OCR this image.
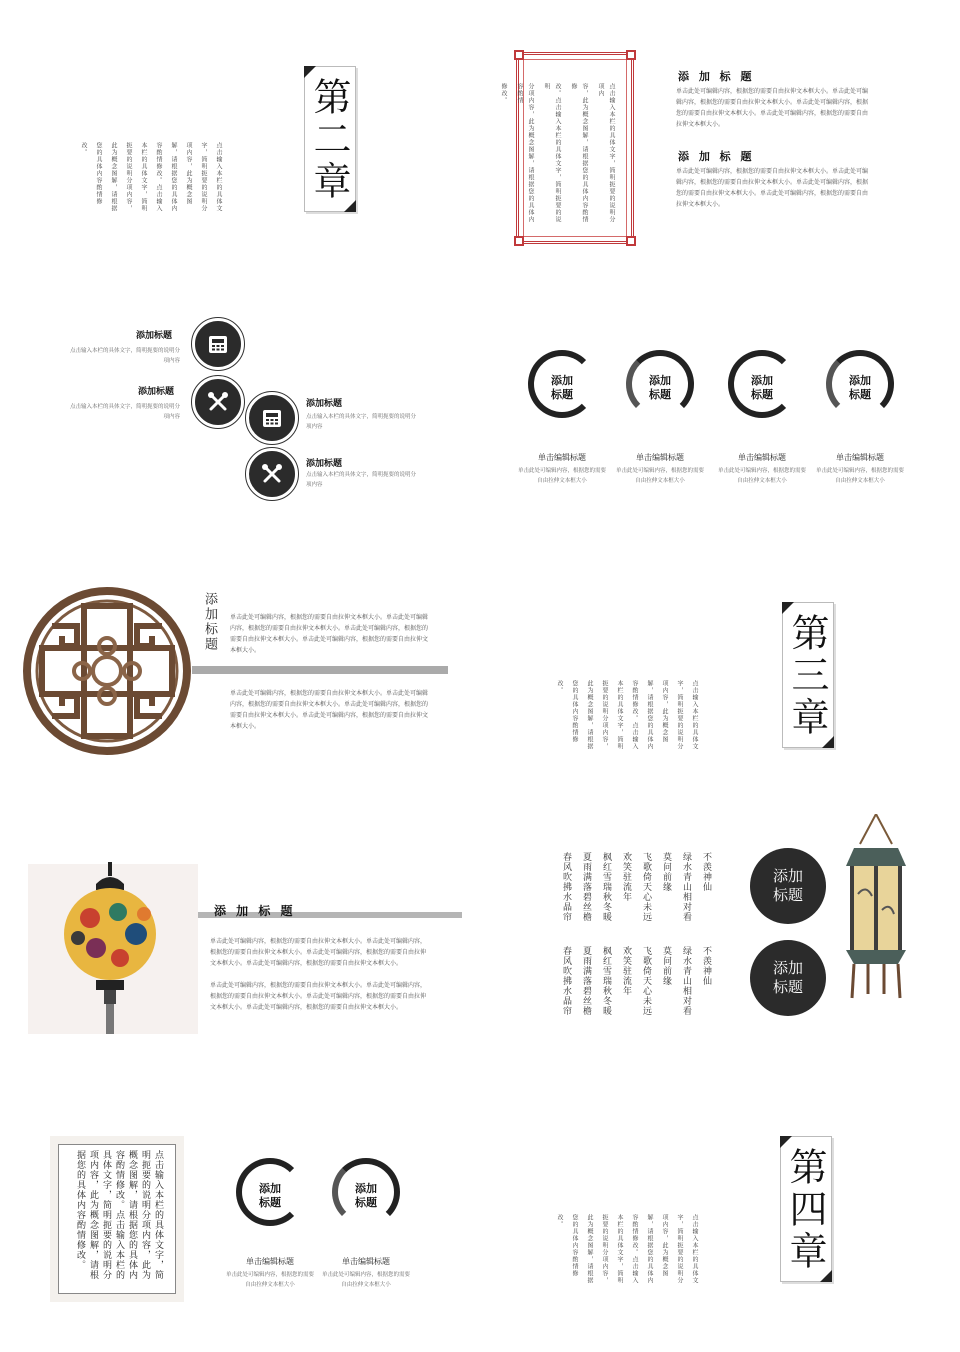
第二章
点击输入本栏的具体文
字，简明扼要的说明分
项内容，此为概念图
解，请根据您的具体内
容酌情修改。点击输入
本栏的具体文字，简明
扼要的说明分项内容，
此为概念图解，请根据
您的具体内容酌情修
改。	点击输入本栏的具体文字，简明扼要的说明分项内
容，此为概念图解，请根据您的具体内容酌情修
改。点击输入本栏的具体文字，简明扼要的说明
分项内容，此为概念图解，请根据您的具体内容酌情
修改。
添 加 标 题
单击此处可编辑内容，根据您的需要自由拉伸文本框大小。单击此处可编辑内容，根据您的需要自由拉伸文本框大小。单击此处可编辑内容，根据您的需要自由拉伸文本框大小。单击此处可编辑内容，根据您的需要自由拉伸文本框大小。
添 加 标 题
单击此处可编辑内容，根据您的需要自由拉伸文本框大小。单击此处可编辑内容，根据您的需要自由拉伸文本框大小。单击此处可编辑内容，根据您的需要自由拉伸文本框大小。单击此处可编辑内容，根据您的需要自由拉伸文本框大小。
添加标题
点击输入本栏的具体文字，简明扼要的说明分项内容
添加标题
点击输入本栏的具体文字，简明扼要的说明分项内容
添加标题
点击输入本栏的具体文字，简明扼要的说明分项内容
添加标题
点击输入本栏的具体文字，简明扼要的说明分项内容
添加
标题
单击编辑标题
单击此处可编辑内容，根据您的需要自由拉伸文本框大小
添加
标题
单击编辑标题
单击此处可编辑内容，根据您的需要自由拉伸文本框大小
添加
标题
单击编辑标题
单击此处可编辑内容，根据您的需要自由拉伸文本框大小
添加
标题
单击编辑标题
单击此处可编辑内容，根据您的需要自由拉伸文本框大小
添加标题 单击此处可编辑内容，根据您的需要自由拉伸文本框大小。单击此处可编辑内容，根据您的需要自由拉伸文本框大小。单击此处可编辑内容，根据您的需要自由拉伸文本框大小。单击此处可编辑内容，根据您的需要自由拉伸文本框大小。
单击此处可编辑内容，根据您的需要自由拉伸文本框大小。单击此处可编辑内容，根据您的需要自由拉伸文本框大小。单击此处可编辑内容，根据您的需要自由拉伸文本框大小。单击此处可编辑内容，根据您的需要自由拉伸文本框大小。	第三章
点击输入本栏的具体文
字，简明扼要的说明分
项内容，此为概念图
解，请根据您的具体内
容酌情修改。点击输入
本栏的具体文字，简明
扼要的说明分项内容，
此为概念图解，请根据
您的具体内容酌情修
改。
添 加 标 题
单击此处可编辑内容，根据您的需要自由拉伸文本框大小。单击此处可编辑内容，根据您的需要自由拉伸文本框大小。单击此处可编辑内容，根据您的需要自由拉伸文本框大小。单击此处可编辑内容，根据您的需要自由拉伸文本框大小。
单击此处可编辑内容，根据您的需要自由拉伸文本框大小。单击此处可编辑内容，根据您的需要自由拉伸文本框大小。单击此处可编辑内容，根据您的需要自由拉伸文本框大小。单击此处可编辑内容，根据您的需要自由拉伸文本框大小。
不羡神仙
绿水青山相对看
莫问前缘
飞歌倚天心未远
欢笑驻流年
枫红雪瑞秋冬暖
夏雨满落碧丝檐
春风吹拂水晶帘
不羡神仙
绿水青山相对看
莫问前缘
飞歌倚天心未远
欢笑驻流年
枫红雪瑞秋冬暖
夏雨满落碧丝檐
春风吹拂水晶帘
添加
标题
添加
标题
点击输入本栏的具体文字，简明扼要的说明分项内容，此为概念图解，请根据您的具体内容酌情修改。点击输入本栏的具体文字，简明扼要的说明分项内容，此为概念图解，请根据您的具体内容酌情修改。	添加
标题
单击编辑标题
单击此处可编辑内容，根据您的需要自由拉伸文本框大小
添加
标题
单击编辑标题
单击此处可编辑内容，根据您的需要自由拉伸文本框大小
第四章
点击输入本栏的具体文
字，简明扼要的说明分
项内容，此为概念图
解，请根据您的具体内
容酌情修改。点击输入
本栏的具体文字，简明
扼要的说明分项内容，
此为概念图解，请根据
您的具体内容酌情修
改。
